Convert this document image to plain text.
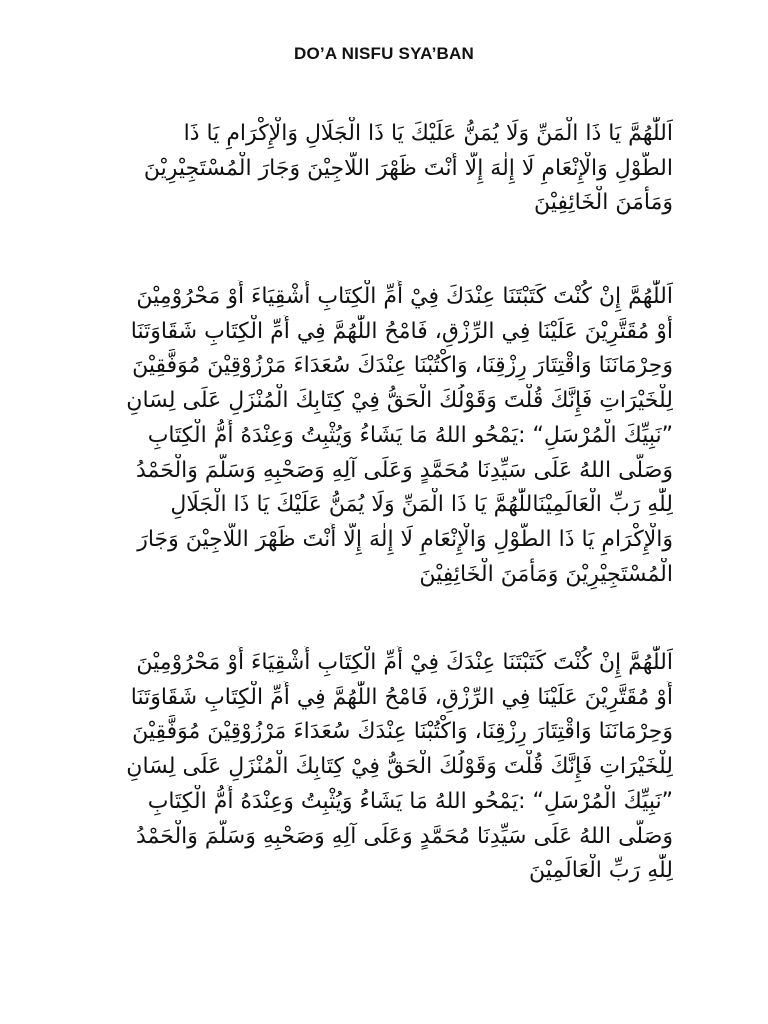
DO’A NISFU SYA’BAN
اَللّٰهُمَّ يَا ذَا الْمَنِّ وَلَا يُمَنُّ عَلَيْكَ يَا ذَا الْجَلَالِ وَالْإِكْرَامِ يَا ذَا
الطَّوْلِ وَالْإِنْعَامِ لَا إِلٰهَ إِلَّا أَنْتَ ظَهْرَ اللَّاجِيْنَ وَجَارَ الْمُسْتَجِيْرِيْنَ
وَمَأْمَنَ الْخَائِفِيْنَ
اَللّٰهُمَّ إِنْ كُنْتَ كَتَبْتَنَا عِنْدَكَ فِيْ أُمِّ الْكِتَابِ أَشْقِيَاءَ أَوْ مَحْرُوْمِيْنَ
أَوْ مُقَتَّرِيْنَ عَلَيْنَا فِي الرِّزْقِ، فَامْحُ اللّٰهُمَّ فِي أُمِّ الْكِتَابِ شَقَاوَتَنَا
وَحِرْمَانَنَا وَاقْتِتَارَ رِزْقِنَا، وَاكْتُبْنَا عِنْدَكَ سُعَدَاءَ مَرْزُوْقِيْنَ مُوَفَّقِيْنَ
لِلْخَيْرَاتِ فَإِنَّكَ قُلْتَ وَقَوْلُكَ الْحَقُّ فِيْ كِتَابِكَ الْمُنْزَلِ عَلَى لِسَانِ
”نَبِيِّكَ الْمُرْسَلِ“ :يَمْحُو اللهُ مَا يَشَاءُ وَيُثْبِتُ وَعِنْدَهُ أُمُّ الْكِتَابِ
وَصَلَّى اللهُ عَلَى سَيِّدِنَا مُحَمَّدٍ وَعَلَى آلِهِ وَصَحْبِهِ وَسَلَّمَ وَالْحَمْدُ
لِلّٰهِ رَبِّ الْعَالَمِيْنَاللّٰهُمَّ يَا ذَا الْمَنِّ وَلَا يُمَنُّ عَلَيْكَ يَا ذَا الْجَلَالِ
وَالْإِكْرَامِ يَا ذَا الطَّوْلِ وَالْإِنْعَامِ لَا إِلٰهَ إِلَّا أَنْتَ ظَهْرَ اللَّاجِيْنَ وَجَارَ
الْمُسْتَجِيْرِيْنَ وَمَأْمَنَ الْخَائِفِيْنَ
اَللّٰهُمَّ إِنْ كُنْتَ كَتَبْتَنَا عِنْدَكَ فِيْ أُمِّ الْكِتَابِ أَشْقِيَاءَ أَوْ مَحْرُوْمِيْنَ
أَوْ مُقَتَّرِيْنَ عَلَيْنَا فِي الرِّزْقِ، فَامْحُ اللّٰهُمَّ فِي أُمِّ الْكِتَابِ شَقَاوَتَنَا
وَحِرْمَانَنَا وَاقْتِتَارَ رِزْقِنَا، وَاكْتُبْنَا عِنْدَكَ سُعَدَاءَ مَرْزُوْقِيْنَ مُوَفَّقِيْنَ
لِلْخَيْرَاتِ فَإِنَّكَ قُلْتَ وَقَوْلُكَ الْحَقُّ فِيْ كِتَابِكَ الْمُنْزَلِ عَلَى لِسَانِ
”نَبِيِّكَ الْمُرْسَلِ“ :يَمْحُو اللهُ مَا يَشَاءُ وَيُثْبِتُ وَعِنْدَهُ أُمُّ الْكِتَابِ
وَصَلَّى اللهُ عَلَى سَيِّدِنَا مُحَمَّدٍ وَعَلَى آلِهِ وَصَحْبِهِ وَسَلَّمَ وَالْحَمْدُ
لِلّٰهِ رَبِّ الْعَالَمِيْنَ
